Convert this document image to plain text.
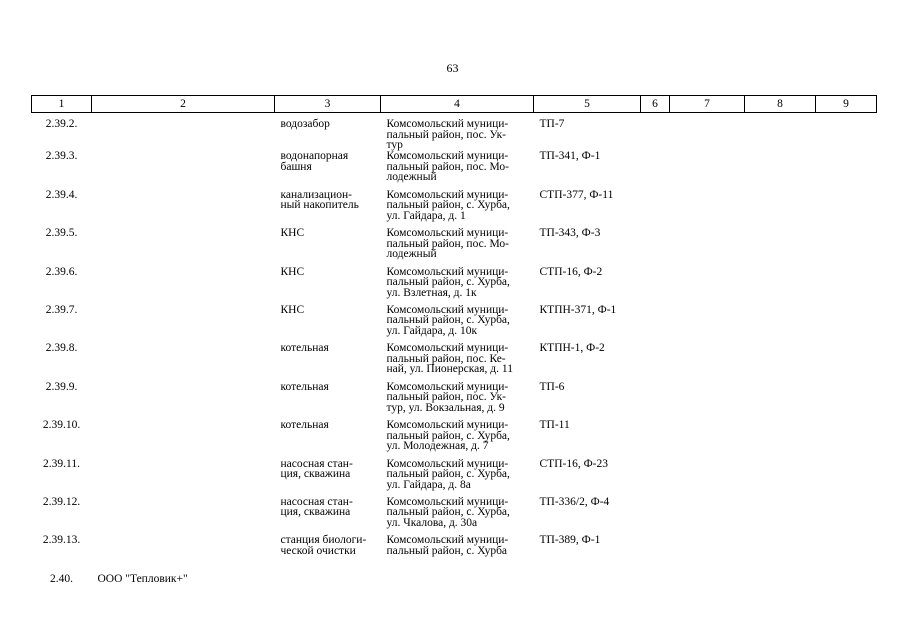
63
1	2	3	4	5	6	7	8	9
2.39.2.		водозабор	Комсомольский муници-
пальный район, пос. Ук-
тур	ТП-7				
2.39.3.		водонапорная
башня	Комсомольский муници-
пальный район, пос. Мо-
лодежный	ТП-341, Ф-1				
2.39.4.		канализацион-
ный накопитель	Комсомольский муници-
пальный район, с. Хурба,
ул. Гайдара, д. 1	СТП-377, Ф-11				
2.39.5.		КНС	Комсомольский муници-
пальный район, пос. Мо-
лодежный	ТП-343, Ф-3				
2.39.6.		КНС	Комсомольский муници-
пальный район, с. Хурба,
ул. Взлетная, д. 1к	СТП-16, Ф-2				
2.39.7.		КНС	Комсомольский муници-
пальный район, с. Хурба,
ул. Гайдара, д. 10к	КТПН-371, Ф-1				
2.39.8.		котельная	Комсомольский муници-
пальный район, пос. Ке-
най, ул. Пионерская, д. 11	КТПН-1, Ф-2				
2.39.9.		котельная	Комсомольский муници-
пальный район, пос. Ук-
тур, ул. Вокзальная, д. 9	ТП-6				
2.39.10.		котельная	Комсомольский муници-
пальный район, с. Хурба,
ул. Молодежная, д. 7	ТП-11				
2.39.11.		насосная стан-
ция, скважина	Комсомольский муници-
пальный район, с. Хурба,
ул. Гайдара, д. 8а	СТП-16, Ф-23				
2.39.12.		насосная стан-
ция, скважина	Комсомольский муници-
пальный район, с. Хурба,
ул. Чкалова, д. 30а	ТП-336/2, Ф-4				
2.39.13.		станция биологи-
ческой очистки	Комсомольский муници-
пальный район, с. Хурба	ТП-389, Ф-1				
2.40.	ООО "Тепловик+"							
